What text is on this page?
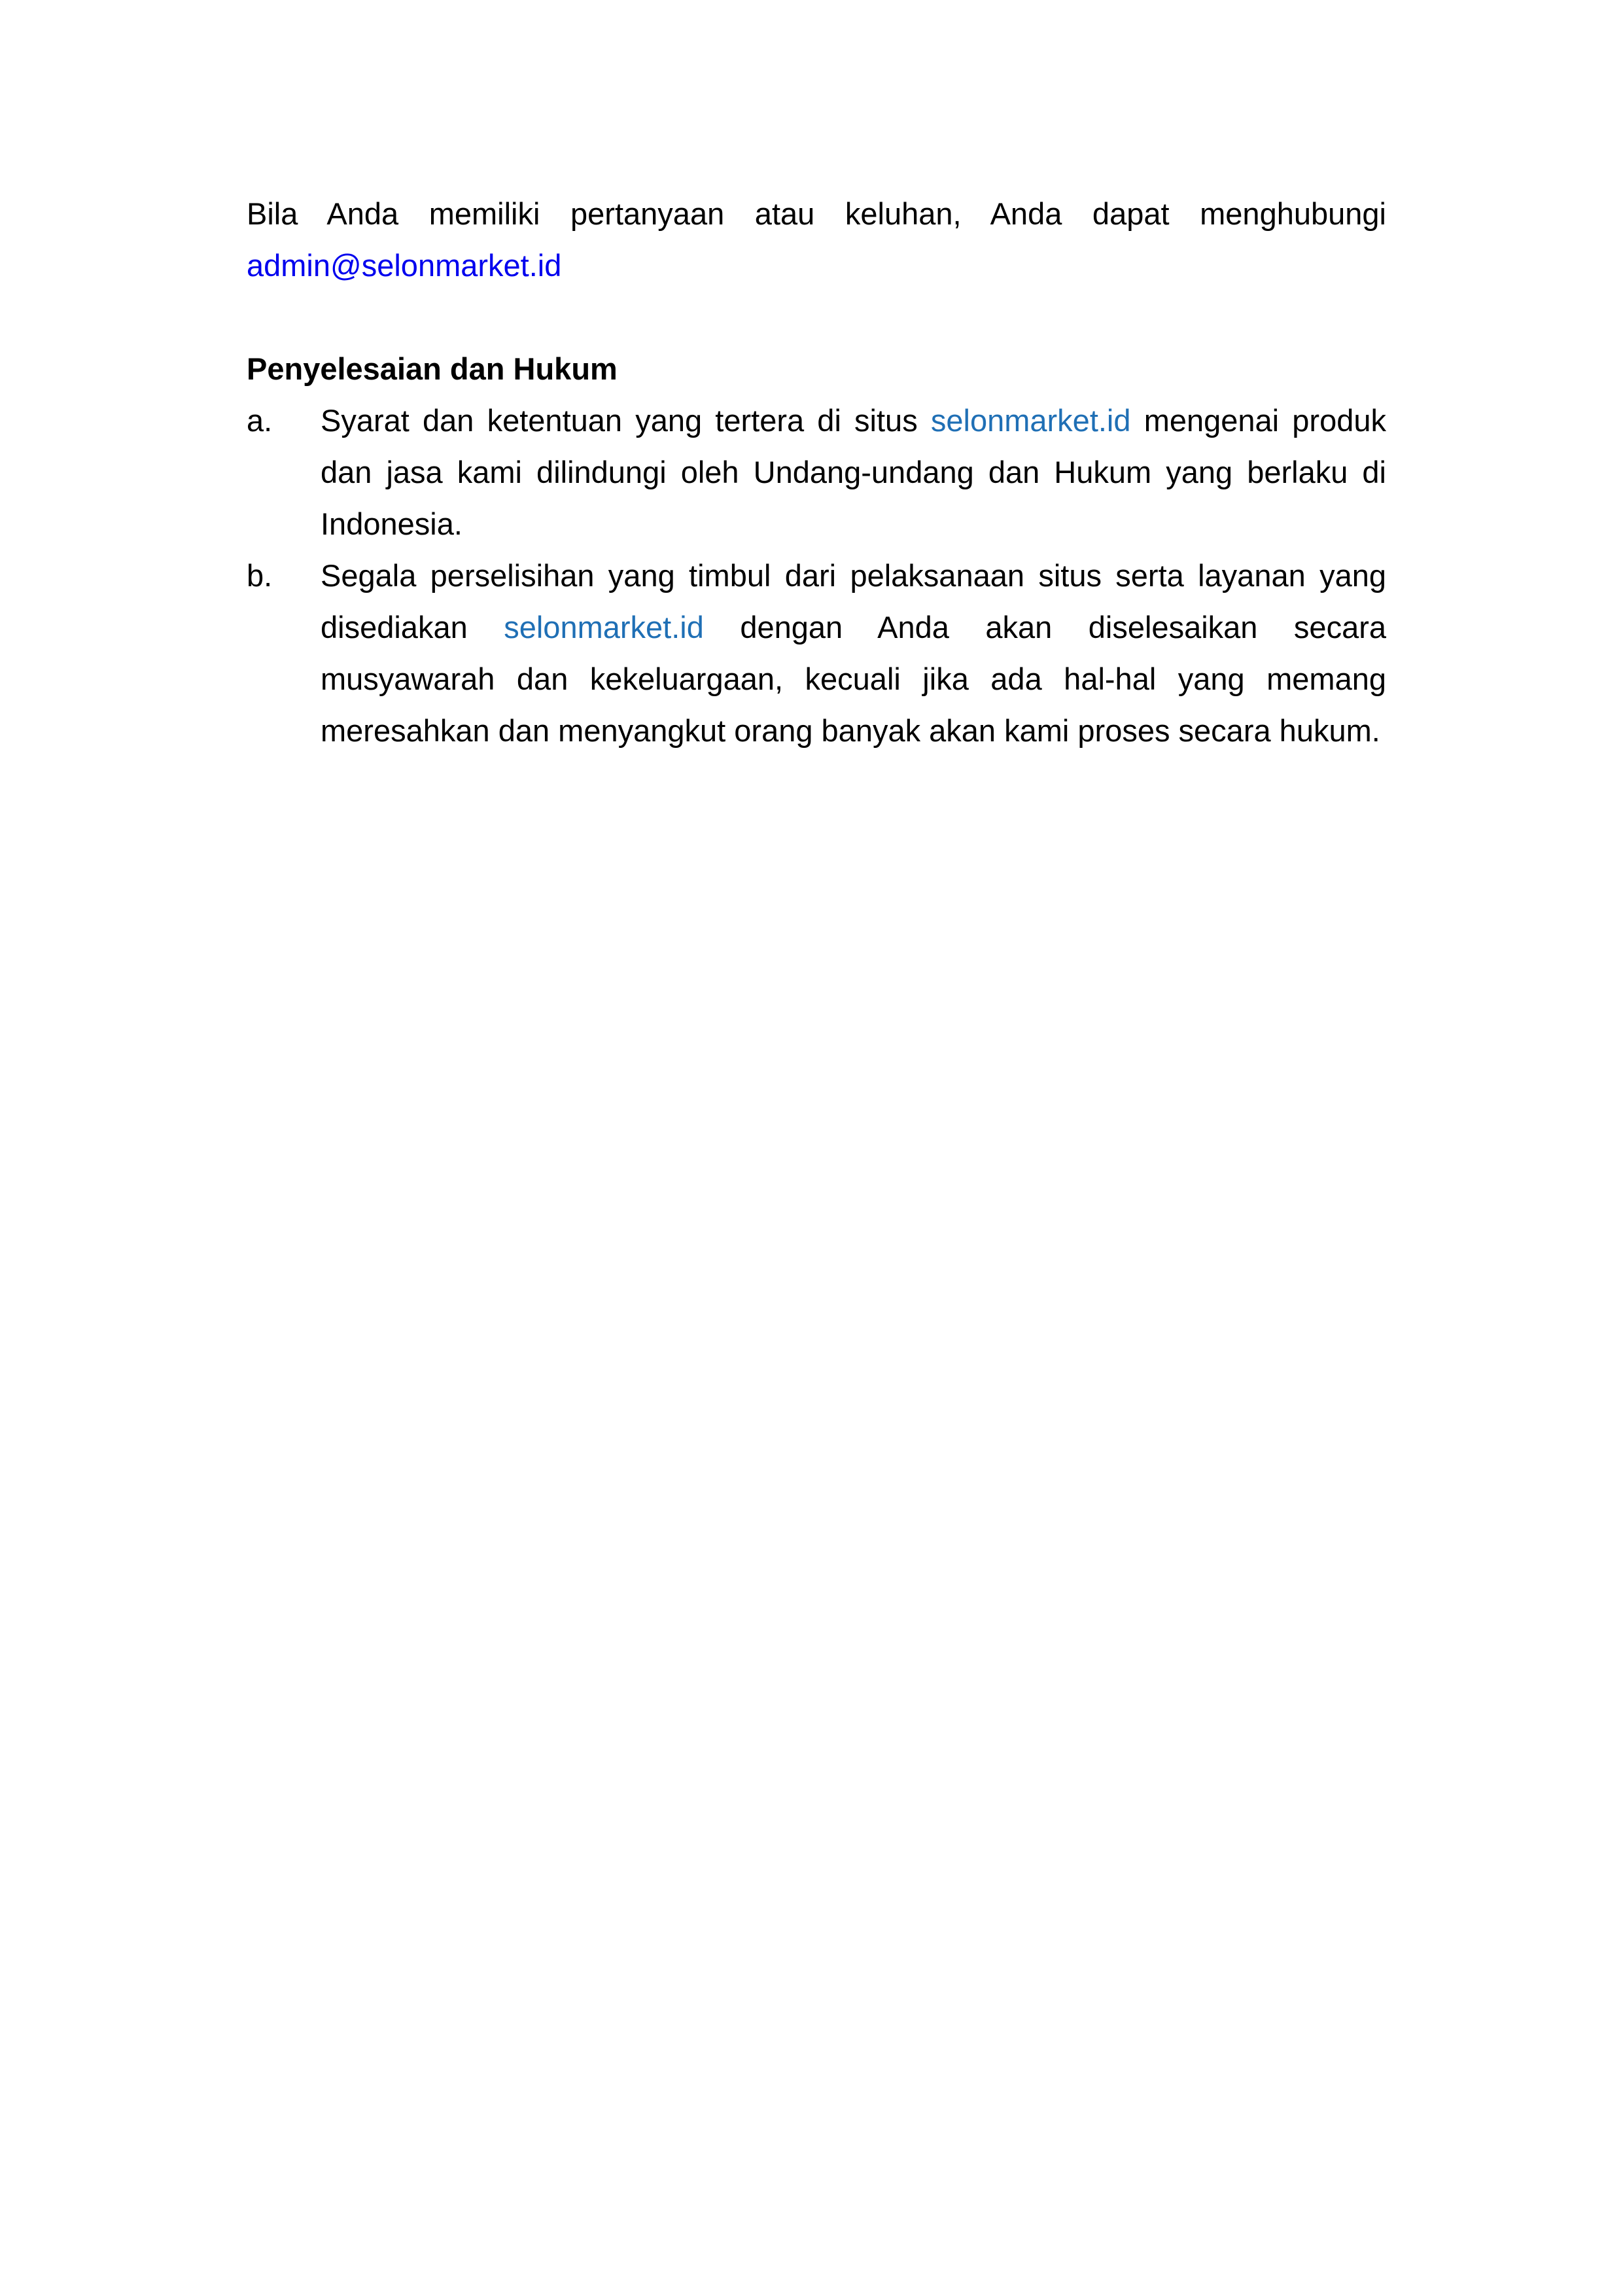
Bila Anda memiliki pertanyaan atau keluhan, Anda dapat menghubungi admin@selonmarket.id

Penyelesaian dan Hukum
a. Syarat dan ketentuan yang tertera di situs selonmarket.id mengenai produk dan jasa kami dilindungi oleh Undang-undang dan Hukum yang berlaku di Indonesia.
b. Segala perselisihan yang timbul dari pelaksanaan situs serta layanan yang disediakan selonmarket.id dengan Anda akan diselesaikan secara musyawarah dan kekeluargaan, kecuali jika ada hal-hal yang memang meresahkan dan menyangkut orang banyak akan kami proses secara hukum.
